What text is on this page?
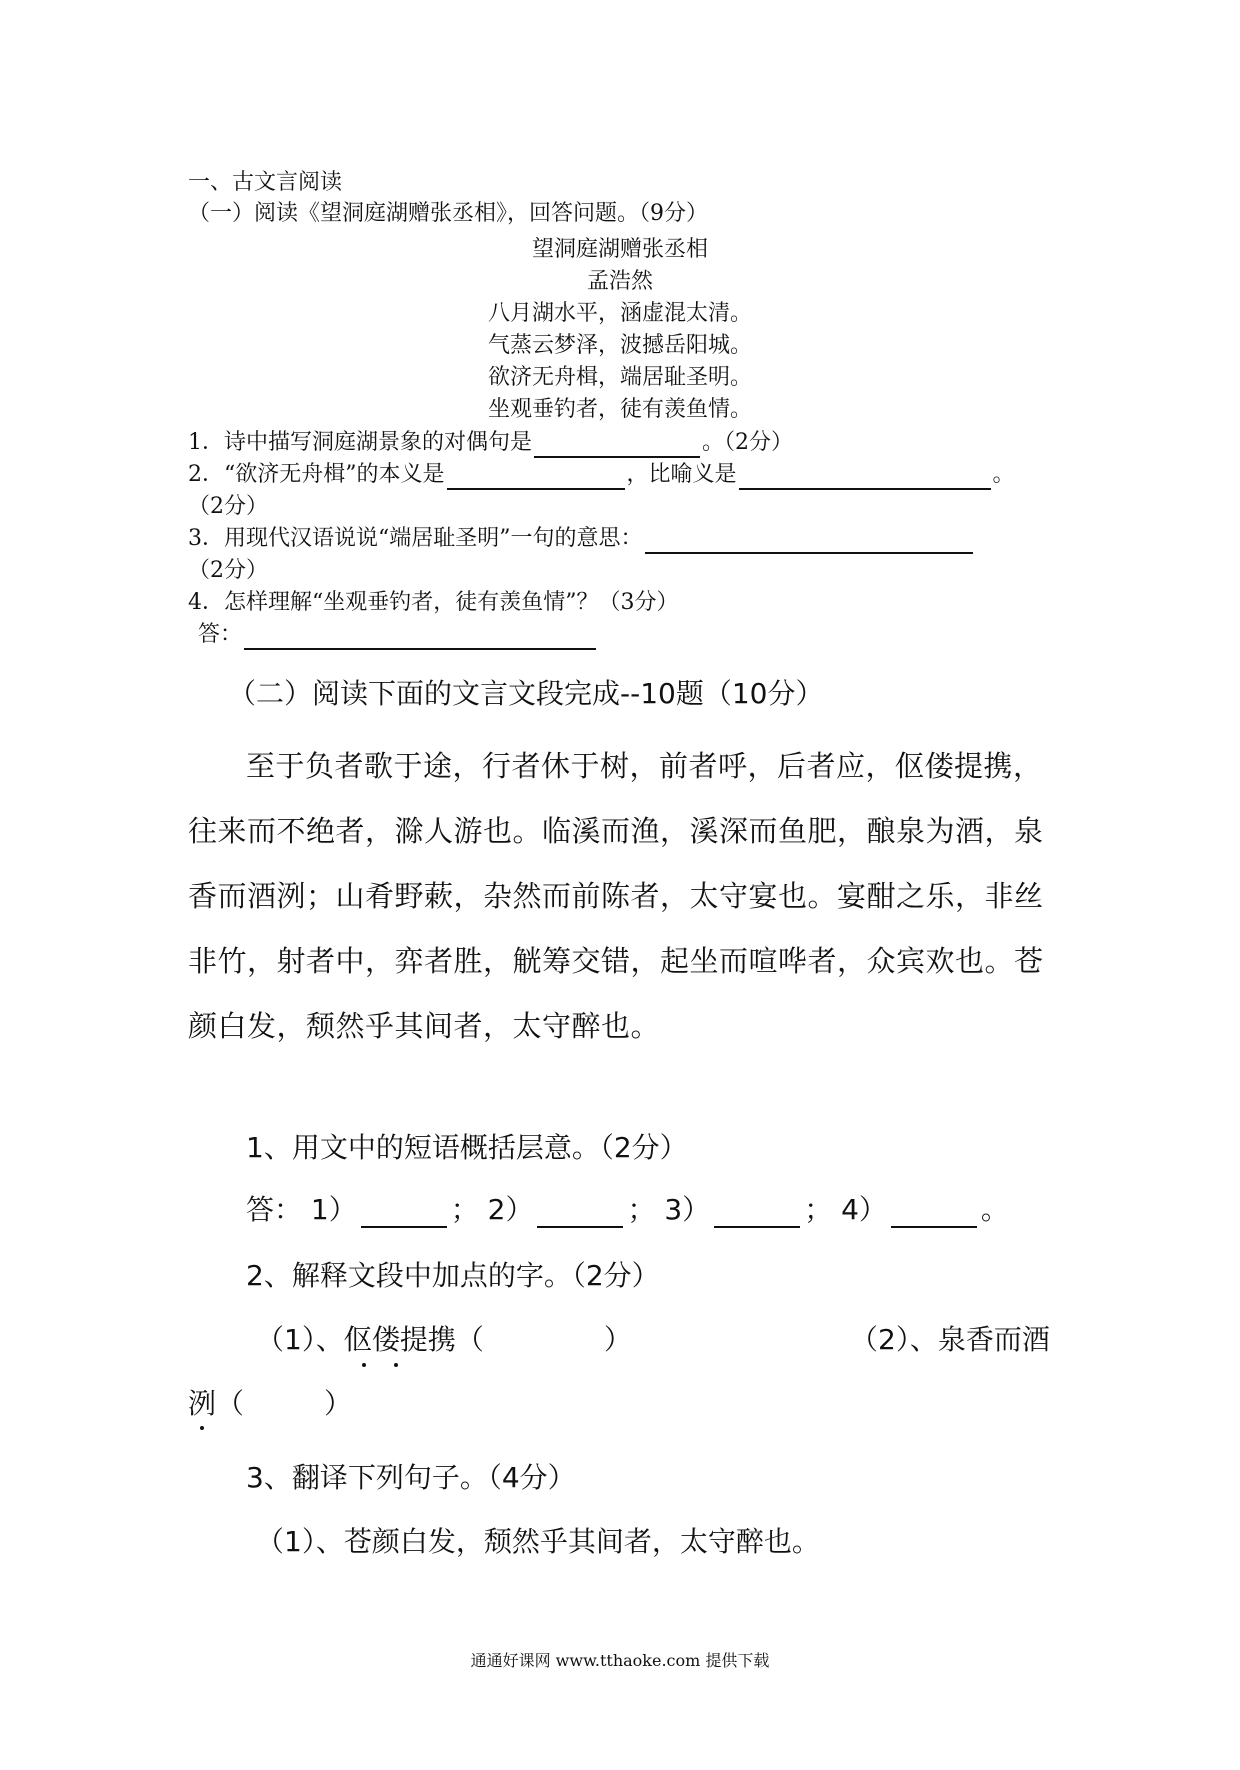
一、古文言阅读
（一）阅读《望洞庭湖赠张丞相》，回答问题。（9分）
望洞庭湖赠张丞相
孟浩然
八月湖水平，涵虚混太清。
气蒸云梦泽，波撼岳阳城。
欲济无舟楫，端居耻圣明。
坐观垂钓者，徒有羡鱼情。
1．诗中描写洞庭湖景象的对偶句是	。（2分）
2．“欲济无舟楫”的本义是	，比喻义是	。
（2分）
3．用现代汉语说说“端居耻圣明”一句的意思：
（2分）
4．怎样理解“坐观垂钓者，徒有羡鱼情”？（3分）
答：
（二）阅读下面的文言文段完成--10题（10分）

至于负者歌于途，行者休于树，前者呼，后者应，伛偻提携，往来而不绝者，滁人游也。临溪而渔，溪深而鱼肥，酿泉为酒，泉香而酒洌；山肴野蔌，杂然而前陈者，太守宴也。宴酣之乐，非丝非竹，射者中，弈者胜，觥筹交错，起坐而喧哗者，众宾欢也。苍颜白发，颓然乎其间者，太守醉也。

1、用文中的短语概括层意。（2分）
答： 1）	； 2）	； 3）	； 4）	。
2、解释文段中加点的字。（2分）
（1）、伛偻提携（	）	（2）、泉香而酒
洌（	）
3、翻译下列句子。（4分）
（1）、苍颜白发，颓然乎其间者，太守醉也。
通通好课网 www.tthaoke.com 提供下载
